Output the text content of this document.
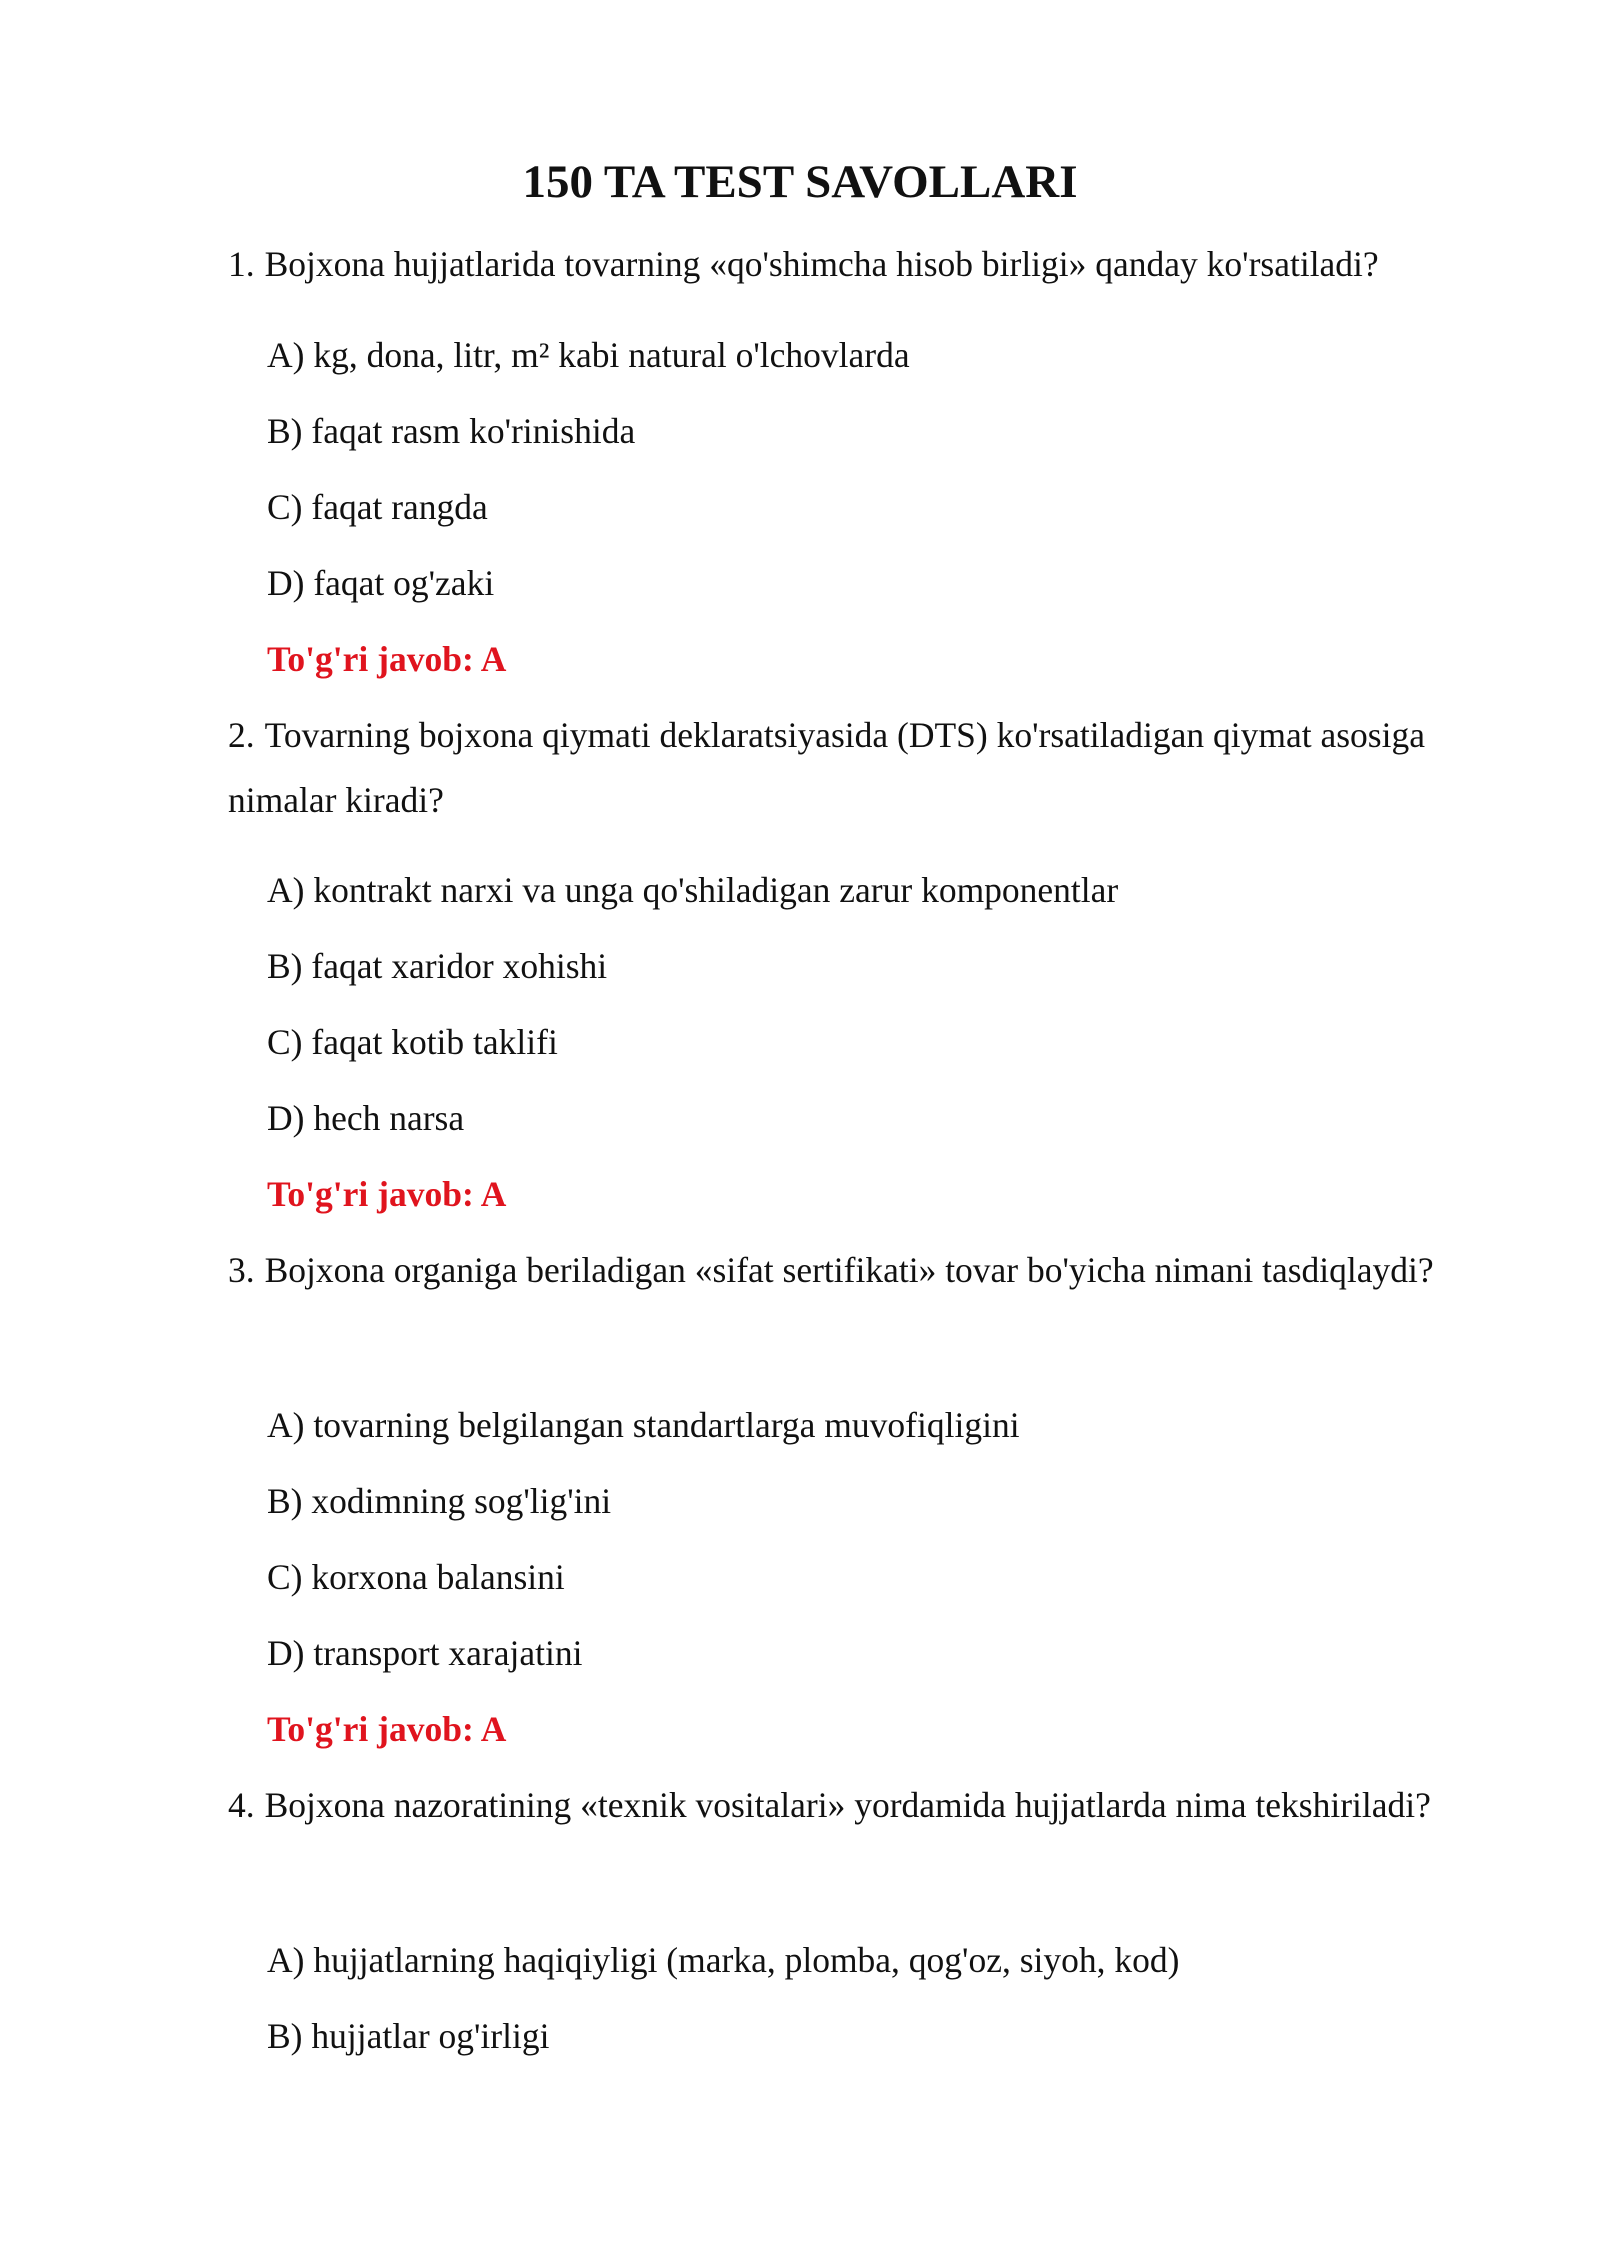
150 TA TEST SAVOLLARI

1. Bojxona hujjatlarida tovarning «qo'shimcha hisob birligi» qanday ko'rsatiladi?

A) kg, dona, litr, m² kabi natural o'lchovlarda

B) faqat rasm ko'rinishida

C) faqat rangda

D) faqat og'zaki

To'g'ri javob: A

2. Tovarning bojxona qiymati deklaratsiyasida (DTS) ko'rsatiladigan qiymat asosiga nimalar kiradi?

A) kontrakt narxi va unga qo'shiladigan zarur komponentlar

B) faqat xaridor xohishi

C) faqat kotib taklifi

D) hech narsa

To'g'ri javob: A

3. Bojxona organiga beriladigan «sifat sertifikati» tovar bo'yicha nimani tasdiqlaydi?

A) tovarning belgilangan standartlarga muvofiqligini

B) xodimning sog'lig'ini

C) korxona balansini

D) transport xarajatini

To'g'ri javob: A

4. Bojxona nazoratining «texnik vositalari» yordamida hujjatlarda nima tekshiriladi?

A) hujjatlarning haqiqiyligi (marka, plomba, qog'oz, siyoh, kod)

B) hujjatlar og'irligi
